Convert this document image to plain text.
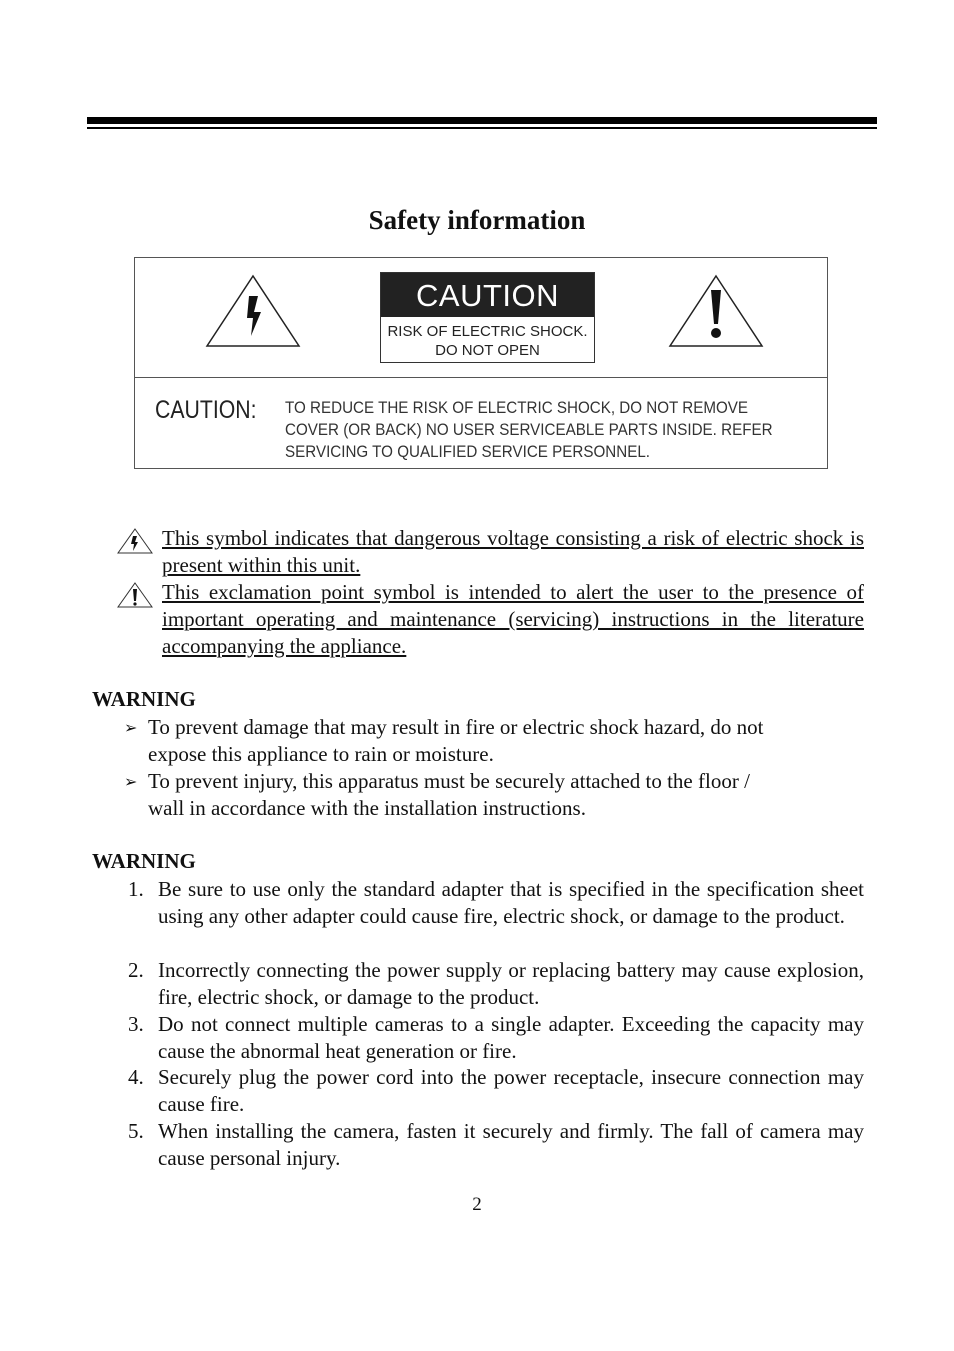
Safety information
CAUTION
RISK OF ELECTRIC SHOCK.
DO NOT OPEN
CAUTION: TO REDUCE THE RISK OF ELECTRIC SHOCK, DO NOT REMOVE
COVER (OR BACK) NO USER SERVICEABLE PARTS INSIDE. REFER
SERVICING TO QUALIFIED SERVICE PERSONNEL.
This symbol indicates that dangerous voltage consisting a risk of electric shock is present within this unit.
This exclamation point symbol is intended to alert the user to the presence of important operating and maintenance (servicing) instructions in the literature accompanying the appliance.
WARNING
➢ To prevent damage that may result in fire or electric shock hazard, do not
expose this appliance to rain or moisture.
➢ To prevent injury, this apparatus must be securely attached to the floor /
wall in accordance with the installation instructions.
WARNING
1. Be sure to use only the standard adapter that is specified in the specification sheet using any other adapter could cause fire, electric shock, or damage to the product.
2. Incorrectly connecting the power supply or replacing battery may cause explosion, fire, electric shock, or damage to the product.
3. Do not connect multiple cameras to a single adapter. Exceeding the capacity may cause the abnormal heat generation or fire.
4. Securely plug the power cord into the power receptacle, insecure connection may cause fire.
5. When installing the camera, fasten it securely and firmly. The fall of camera may cause personal injury.
2
